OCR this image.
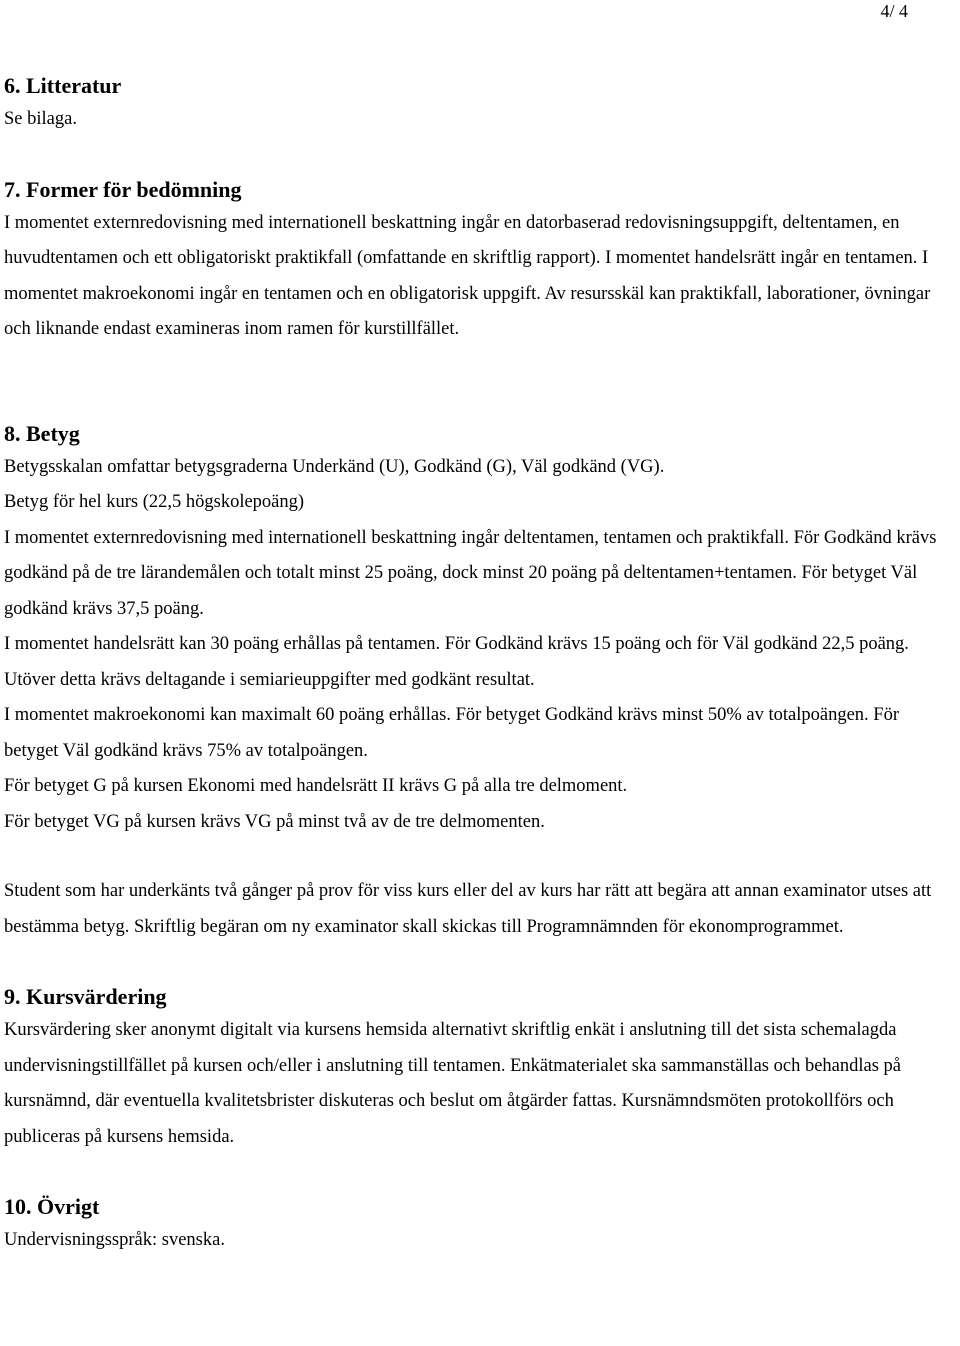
4/ 4
6. Litteratur

Se bilaga.

7. Former för bedömning

I momentet externredovisning med internationell beskattning ingår en datorbaserad redovisningsuppgift, deltentamen, en huvudtentamen och ett obligatoriskt praktikfall (omfattande en skriftlig rapport). I momentet handelsrätt ingår en tentamen. I momentet makroekonomi ingår en tentamen och en obligatorisk uppgift. Av resursskäl kan praktikfall, laborationer, övningar och liknande endast examineras inom ramen för kurstillfället.

8. Betyg

Betygsskalan omfattar betygsgraderna Underkänd (U), Godkänd (G), Väl godkänd (VG).

Betyg för hel kurs (22,5 högskolepoäng)

I momentet externredovisning med internationell beskattning ingår deltentamen, tentamen och praktikfall. För Godkänd krävs godkänd på de tre lärandemålen och totalt minst 25 poäng, dock minst 20 poäng på deltentamen+tentamen. För betyget Väl godkänd krävs 37,5 poäng.

I momentet handelsrätt kan 30 poäng erhållas på tentamen. För Godkänd krävs 15 poäng och för Väl godkänd 22,5 poäng. Utöver detta krävs deltagande i semiarieuppgifter med godkänt resultat.

I momentet makroekonomi kan maximalt 60 poäng erhållas. För betyget Godkänd krävs minst 50% av totalpoängen. För betyget Väl godkänd krävs 75% av totalpoängen.

För betyget G på kursen Ekonomi med handelsrätt II krävs G på alla tre delmoment.

För betyget VG på kursen krävs VG på minst två av de tre delmomenten.

Student som har underkänts två gånger på prov för viss kurs eller del av kurs har rätt att begära att annan examinator utses att bestämma betyg. Skriftlig begäran om ny examinator skall skickas till Programnämnden för ekonomprogrammet.

9. Kursvärdering

Kursvärdering sker anonymt digitalt via kursens hemsida alternativt skriftlig enkät i anslutning till det sista schemalagda undervisningstillfället på kursen och/eller i anslutning till tentamen. Enkätmaterialet ska sammanställas och behandlas på kursnämnd, där eventuella kvalitetsbrister diskuteras och beslut om åtgärder fattas. Kursnämndsmöten protokollförs och publiceras på kursens hemsida.

10. Övrigt

Undervisningsspråk: svenska.
